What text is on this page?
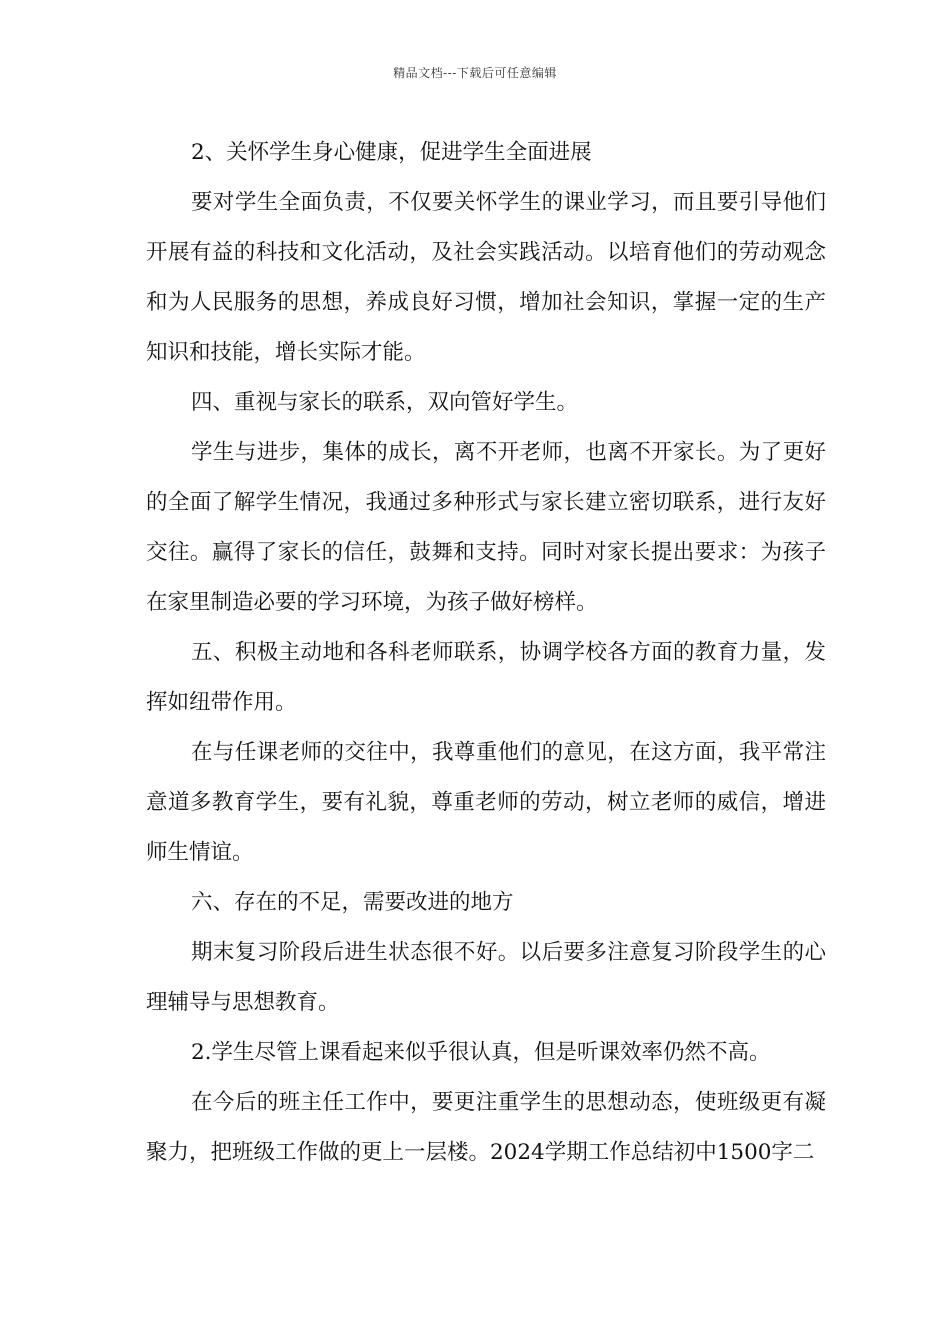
精品文档---下载后可任意编辑

2、关怀学生身心健康，促进学生全面进展

要对学生全面负责，不仅要关怀学生的课业学习，而且要引导他们开展有益的科技和文化活动，及社会实践活动。以培育他们的劳动观念和为人民服务的思想，养成良好习惯，增加社会知识，掌握一定的生产知识和技能，增长实际才能。

四、重视与家长的联系，双向管好学生。

学生与进步，集体的成长，离不开老师，也离不开家长。为了更好的全面了解学生情况，我通过多种形式与家长建立密切联系，进行友好交往。赢得了家长的信任，鼓舞和支持。同时对家长提出要求：为孩子在家里制造必要的学习环境，为孩子做好榜样。

五、积极主动地和各科老师联系，协调学校各方面的教育力量，发挥如纽带作用。

在与任课老师的交往中，我尊重他们的意见，在这方面，我平常注意道多教育学生，要有礼貌，尊重老师的劳动，树立老师的威信，增进师生情谊。

六、存在的不足，需要改进的地方

期末复习阶段后进生状态很不好。以后要多注意复习阶段学生的心理辅导与思想教育。

2.学生尽管上课看起来似乎很认真，但是听课效率仍然不高。

在今后的班主任工作中，要更注重学生的思想动态，使班级更有凝聚力，把班级工作做的更上一层楼。2024学期工作总结初中1500字二
